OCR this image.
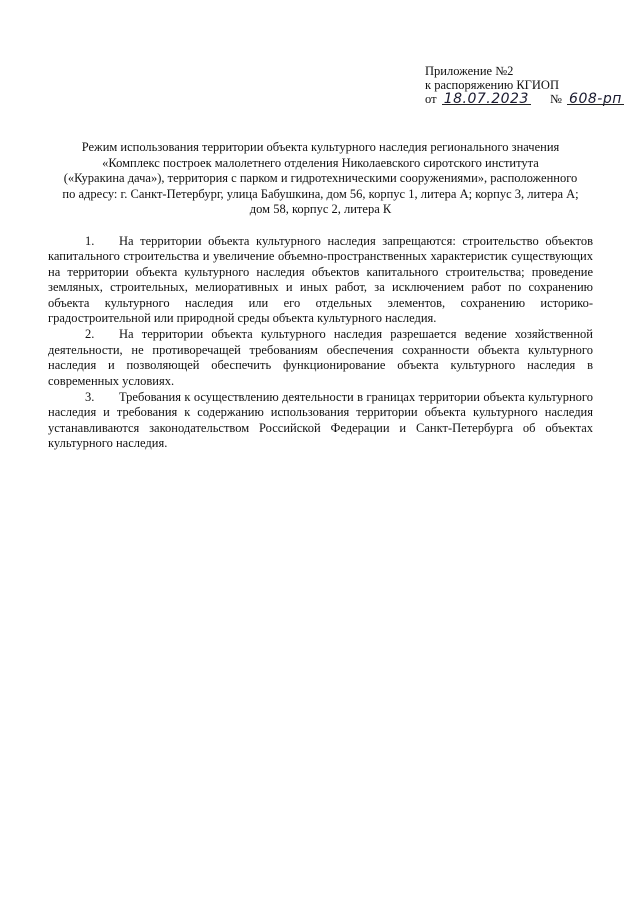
Приложение №2
к распоряжению КГИОП
от 18.07.2023 № 608-рп
Режим использования территории объекта культурного наследия регионального значения
«Комплекс построек малолетнего отделения Николаевского сиротского института
(«Куракина дача»), территория с парком и гидротехническими сооружениями», расположенного
по адресу: г. Санкт-Петербург, улица Бабушкина, дом 56, корпус 1, литера А; корпус 3, литера А;
дом 58, корпус 2, литера К

1. На территории объекта культурного наследия запрещаются: строительство объектов капитального строительства и увеличение объемно-пространственных характеристик существующих на территории объекта культурного наследия объектов капитального строительства; проведение земляных, строительных, мелиоративных и иных работ, за исключением работ по сохранению объекта культурного наследия или его отдельных элементов, сохранению историко-градостроительной или природной среды объекта культурного наследия.

2. На территории объекта культурного наследия разрешается ведение хозяйственной деятельности, не противоречащей требованиям обеспечения сохранности объекта культурного наследия и позволяющей обеспечить функционирование объекта культурного наследия в современных условиях.

3. Требования к осуществлению деятельности в границах территории объекта культурного наследия и требования к содержанию использования территории объекта культурного наследия устанавливаются законодательством Российской Федерации и Санкт-Петербурга об объектах культурного наследия.
